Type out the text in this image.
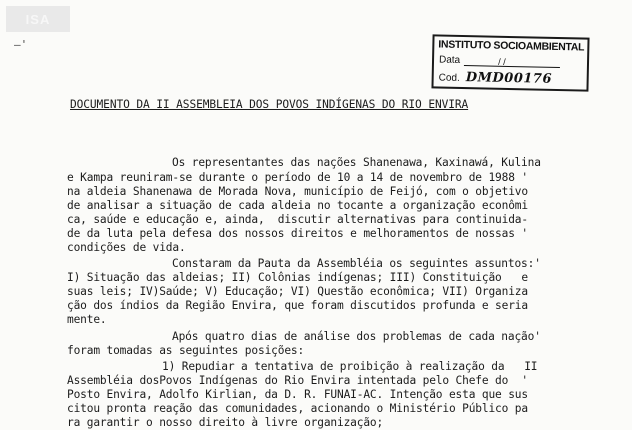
ISA
—'	INSTITUTO SOCIOAMBIENTAL
Data	/ /
Cod. DMD00176
DOCUMENTO DA II ASSEMBLEIA DOS POVOS INDÍGENAS DO RIO ENVIRA
Os representantes das nações Shanenawa, Kaxinawá, Kulina
e Kampa reuniram-se durante o período de 10 a 14 de novembro de 1988 '
na aldeia Shanenawa de Morada Nova, município de Feijó, com o objetivo
de analisar a situação de cada aldeia no tocante a organização econômi
ca, saúde e educação e, ainda,  discutir alternativas para continuida-
de da luta pela defesa dos nossos direitos e melhoramentos de nossas '
condições de vida.
Constaram da Pauta da Assembléia os seguintes assuntos:'
I) Situação das aldeias; II) Colônias indígenas; III) Constituição   e
suas leis; IV)Saúde; V) Educação; VI) Questão econômica; VII) Organiza
ção dos índios da Região Envira, que foram discutidos profunda e seria
mente.
Após quatro dias de análise dos problemas de cada nação'
foram tomadas as seguintes posições:
1) Repudiar a tentativa de proibição à realização da   II
Assembléia dosPovos Indígenas do Rio Envira intentada pelo Chefe do  '
Posto Envira, Adolfo Kirlian, da D. R. FUNAI-AC. Intenção esta que sus
citou pronta reação das comunidades, acionando o Ministério Público pa
ra garantir o nosso direito à livre organização;
